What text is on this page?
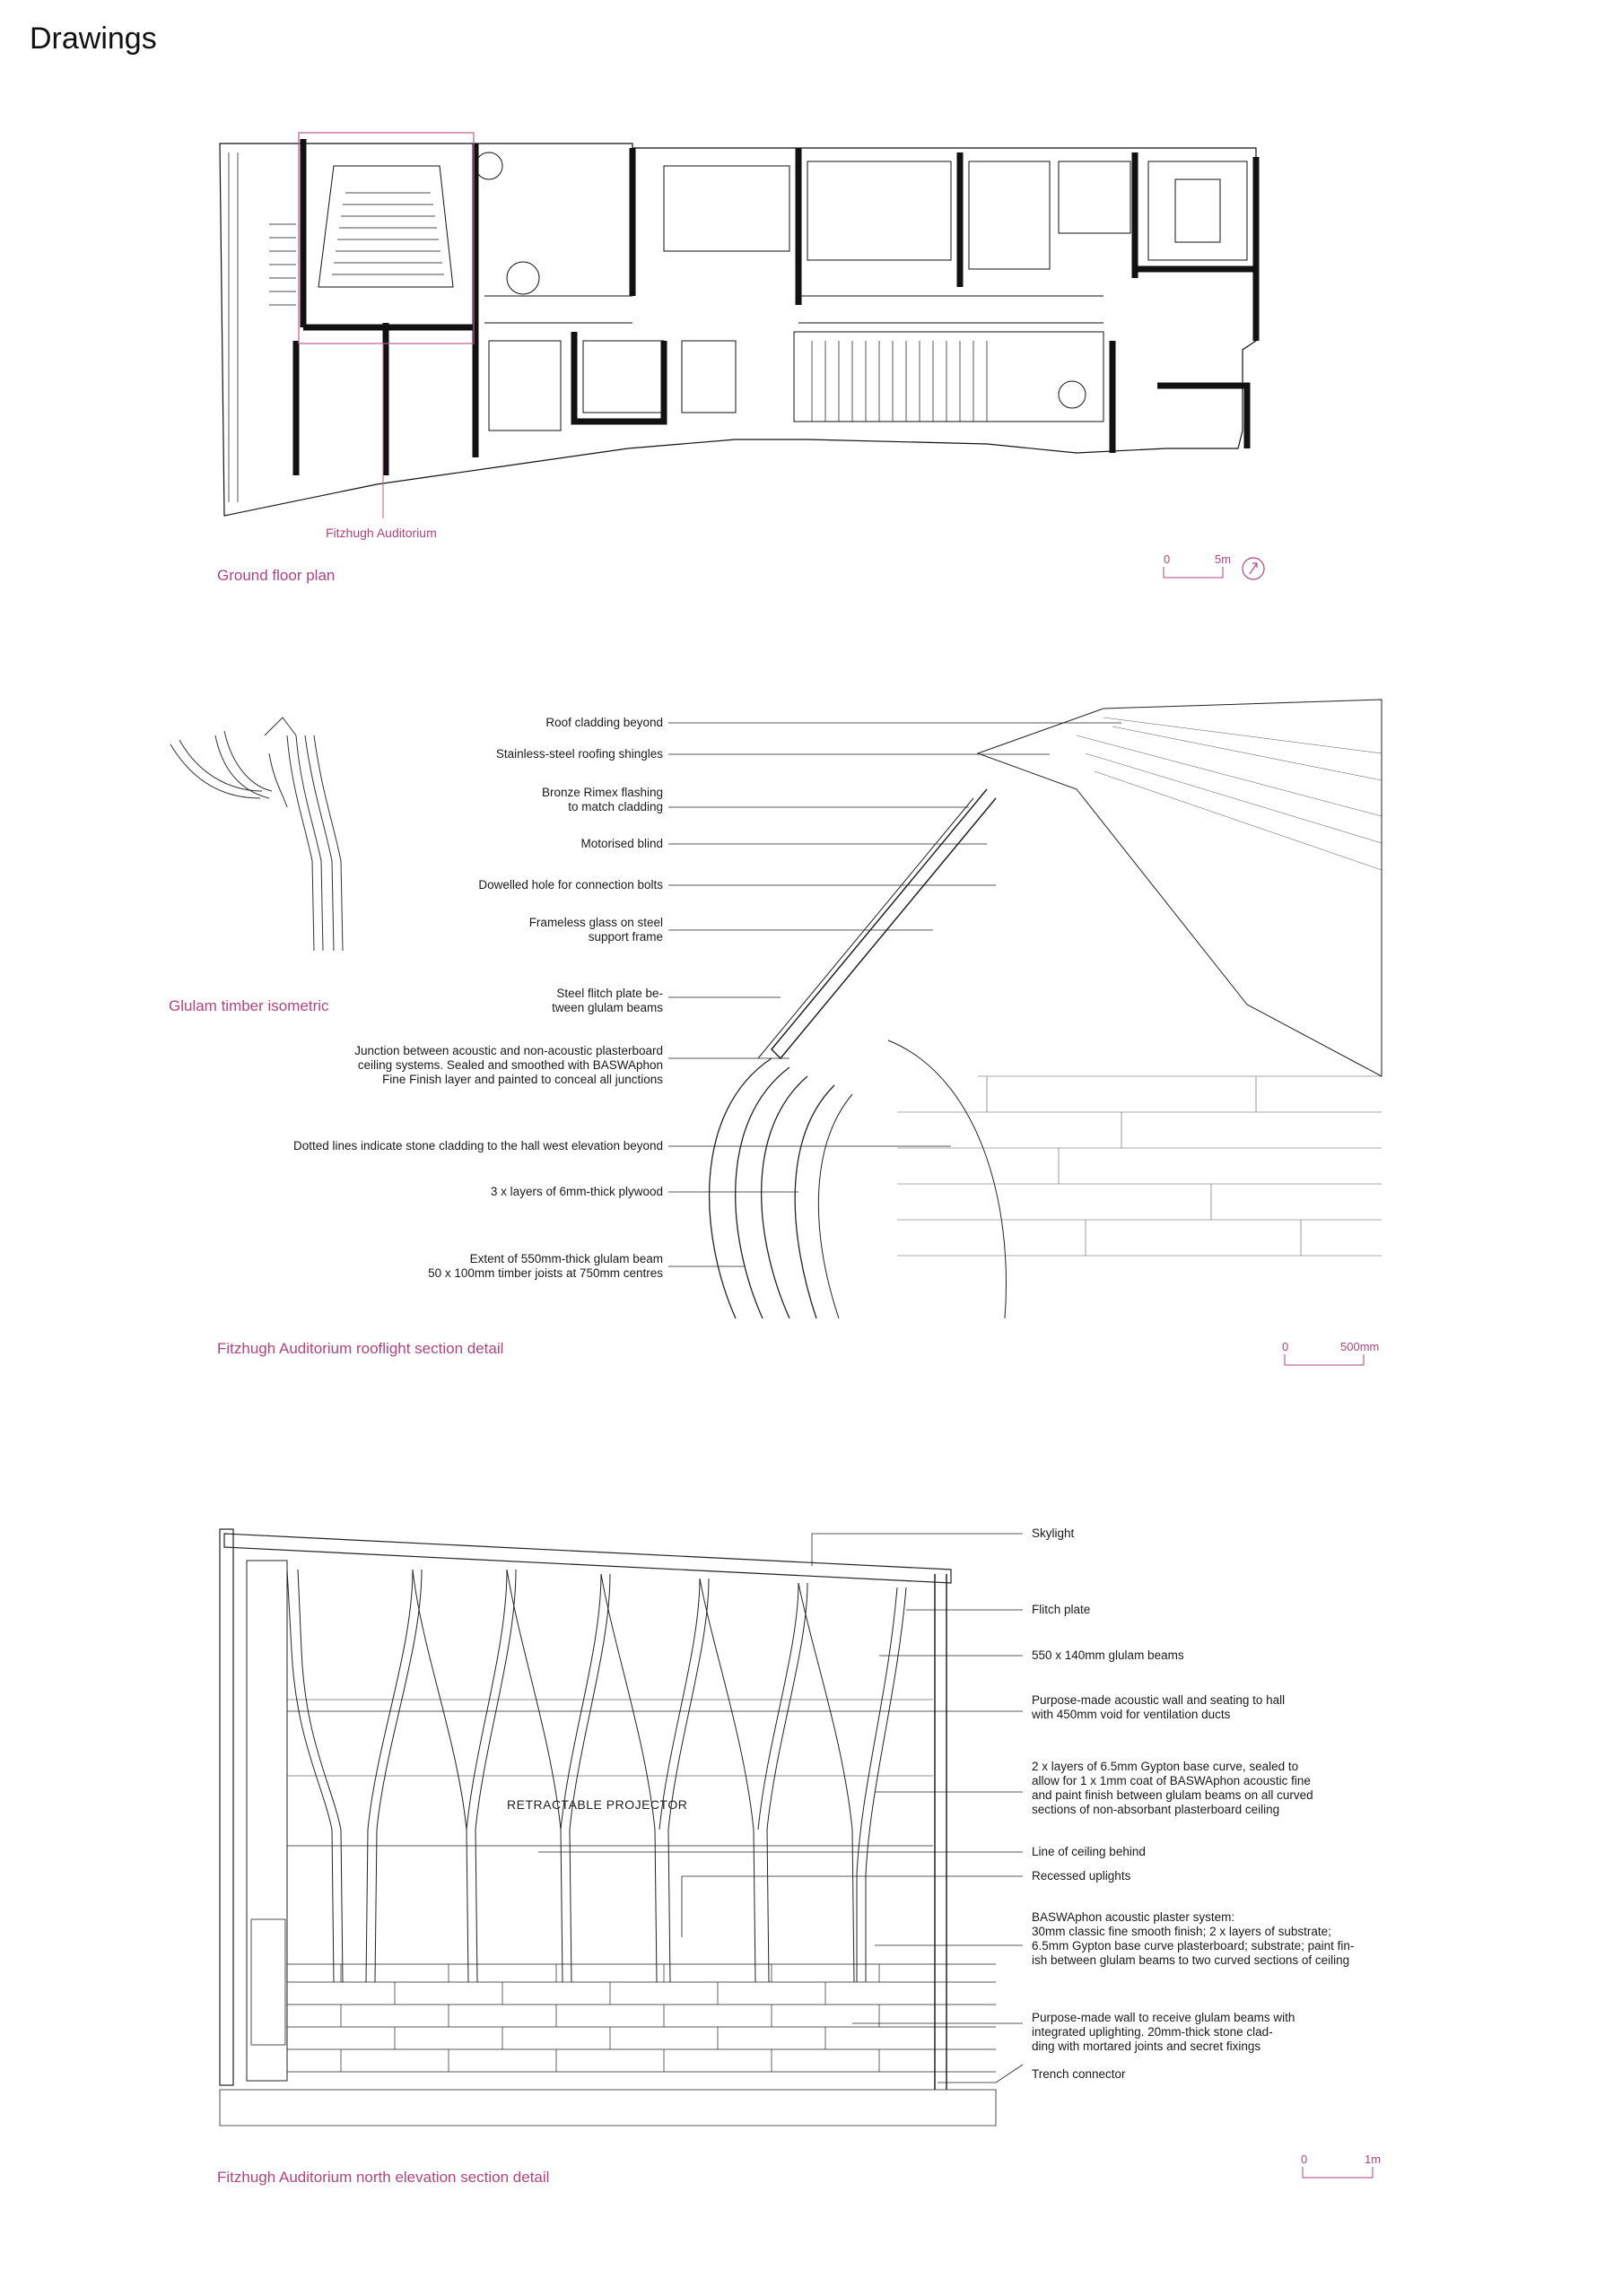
Drawings
Fitzhugh Auditorium
Ground floor plan
0	5m
Glulam timber isometric
Roof cladding beyond
Stainless-steel roofing shingles
Bronze Rimex flashing
to match cladding
Motorised blind
Dowelled hole for connection bolts
Frameless glass on steel
support frame
Steel flitch plate be-
tween glulam beams
Junction between acoustic and non-acoustic plasterboard
ceiling systems. Sealed and smoothed with BASWAphon
Fine Finish layer and painted to conceal all junctions
Dotted lines indicate stone cladding to the hall west elevation beyond
3 x layers of 6mm-thick plywood
Extent of 550mm-thick glulam beam
50 x 100mm timber joists at 750mm centres
Fitzhugh Auditorium rooflight section detail	0	500mm
RETRACTABLE PROJECTOR
Skylight
Flitch plate
550 x 140mm glulam beams
Purpose-made acoustic wall and seating to hall
with 450mm void for ventilation ducts
2 x layers of 6.5mm Gypton base curve, sealed to
allow for 1 x 1mm coat of BASWAphon acoustic fine
and paint finish between glulam beams on all curved
sections of non-absorbant plasterboard ceiling
Line of ceiling behind
Recessed uplights
BASWAphon acoustic plaster system:
30mm classic fine smooth finish; 2 x layers of substrate;
6.5mm Gypton base curve plasterboard; substrate; paint fin-
ish between glulam beams to two curved sections of ceiling
Purpose-made wall to receive glulam beams with
integrated uplighting. 20mm-thick stone clad-
ding with mortared joints and secret fixings
Trench connector
Fitzhugh Auditorium north elevation section detail
0	1m
